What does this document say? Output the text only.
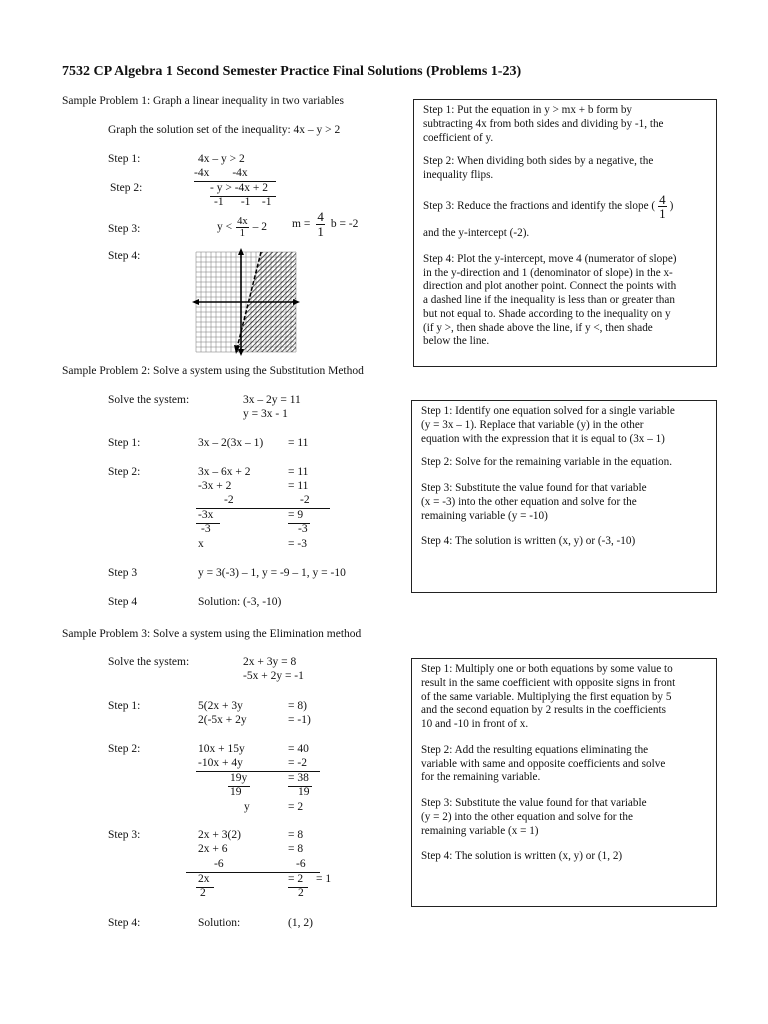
7532 CP Algebra 1 Second Semester Practice Final Solutions (Problems 1-23)
Sample Problem 1: Graph a linear inequality in two variables
Graph the solution set of the inequality: 4x – y > 2
Step 1:	4x – y > 2
-4x        -4x
Step 2:	- y > -4x + 2
-1      -1    -1
Step 3:	$y < \frac{4x}{1} - 2$ $m = \frac{4}{1}$ b = -2
Step 4:

Step 1: Put the equation in y > mx + b form by
subtracting 4x from both sides and dividing by -1, the
coefficient of y.

Step 2: When dividing both sides by a negative, the
inequality flips.

Step 3: Reduce the fractions and identify the slope ( $\frac{4}{1}$ )
and the y-intercept (-2).

Step 4: Plot the y-intercept, move 4 (numerator of slope)
in the y-direction and 1 (denominator of slope) in the x-
direction and plot another point. Connect the points with
a dashed line if the inequality is less than or greater than
but not equal to. Shade according to the inequality on y
(if y >, then shade above the line, if y <, then shade
below the line.

Sample Problem 2: Solve a system using the Substitution Method
Solve the system:	3x – 2y = 11
y = 3x - 1
Step 1:	3x – 2(3x – 1) = 11
Step 2:	3x – 6x + 2	= 11
-3x + 2	= 11
-2	-2
-3x	= 9
-3	-3
x	= -3
Step 3	y = 3(-3) – 1, y = -9 – 1, y = -10
Step 4	Solution: (-3, -10)

Step 1: Identify one equation solved for a single variable
(y = 3x – 1). Replace that variable (y) in the other
equation with the expression that it is equal to (3x – 1)

Step 2: Solve for the remaining variable in the equation.

Step 3: Substitute the value found for that variable
(x = -3) into the other equation and solve for the
remaining variable (y = -10)

Step 4: The solution is written (x, y) or (-3, -10)

Sample Problem 3: Solve a system using the Elimination method
Solve the system:	2x + 3y = 8
-5x + 2y = -1
Step 1:	5(2x + 3y	= 8)
2(-5x + 2y	= -1)
Step 2:	10x + 15y	= 40
-10x + 4y	= -2
19y	= 38
19	19
y	= 2
Step 3:	2x + 3(2)	= 8
2x + 6	= 8
-6	-6
2x	= 2 = 1
2	2
Step 4:	Solution:	(1, 2)

Step 1: Multiply one or both equations by some value to
result in the same coefficient with opposite signs in front
of the same variable. Multiplying the first equation by 5
and the second equation by 2 results in the coefficients
10 and -10 in front of x.

Step 2: Add the resulting equations eliminating the
variable with same and opposite coefficients and solve
for the remaining variable.

Step 3: Substitute the value found for that variable
(y = 2) into the other equation and solve for the
remaining variable (x = 1)

Step 4: The solution is written (x, y) or (1, 2)
